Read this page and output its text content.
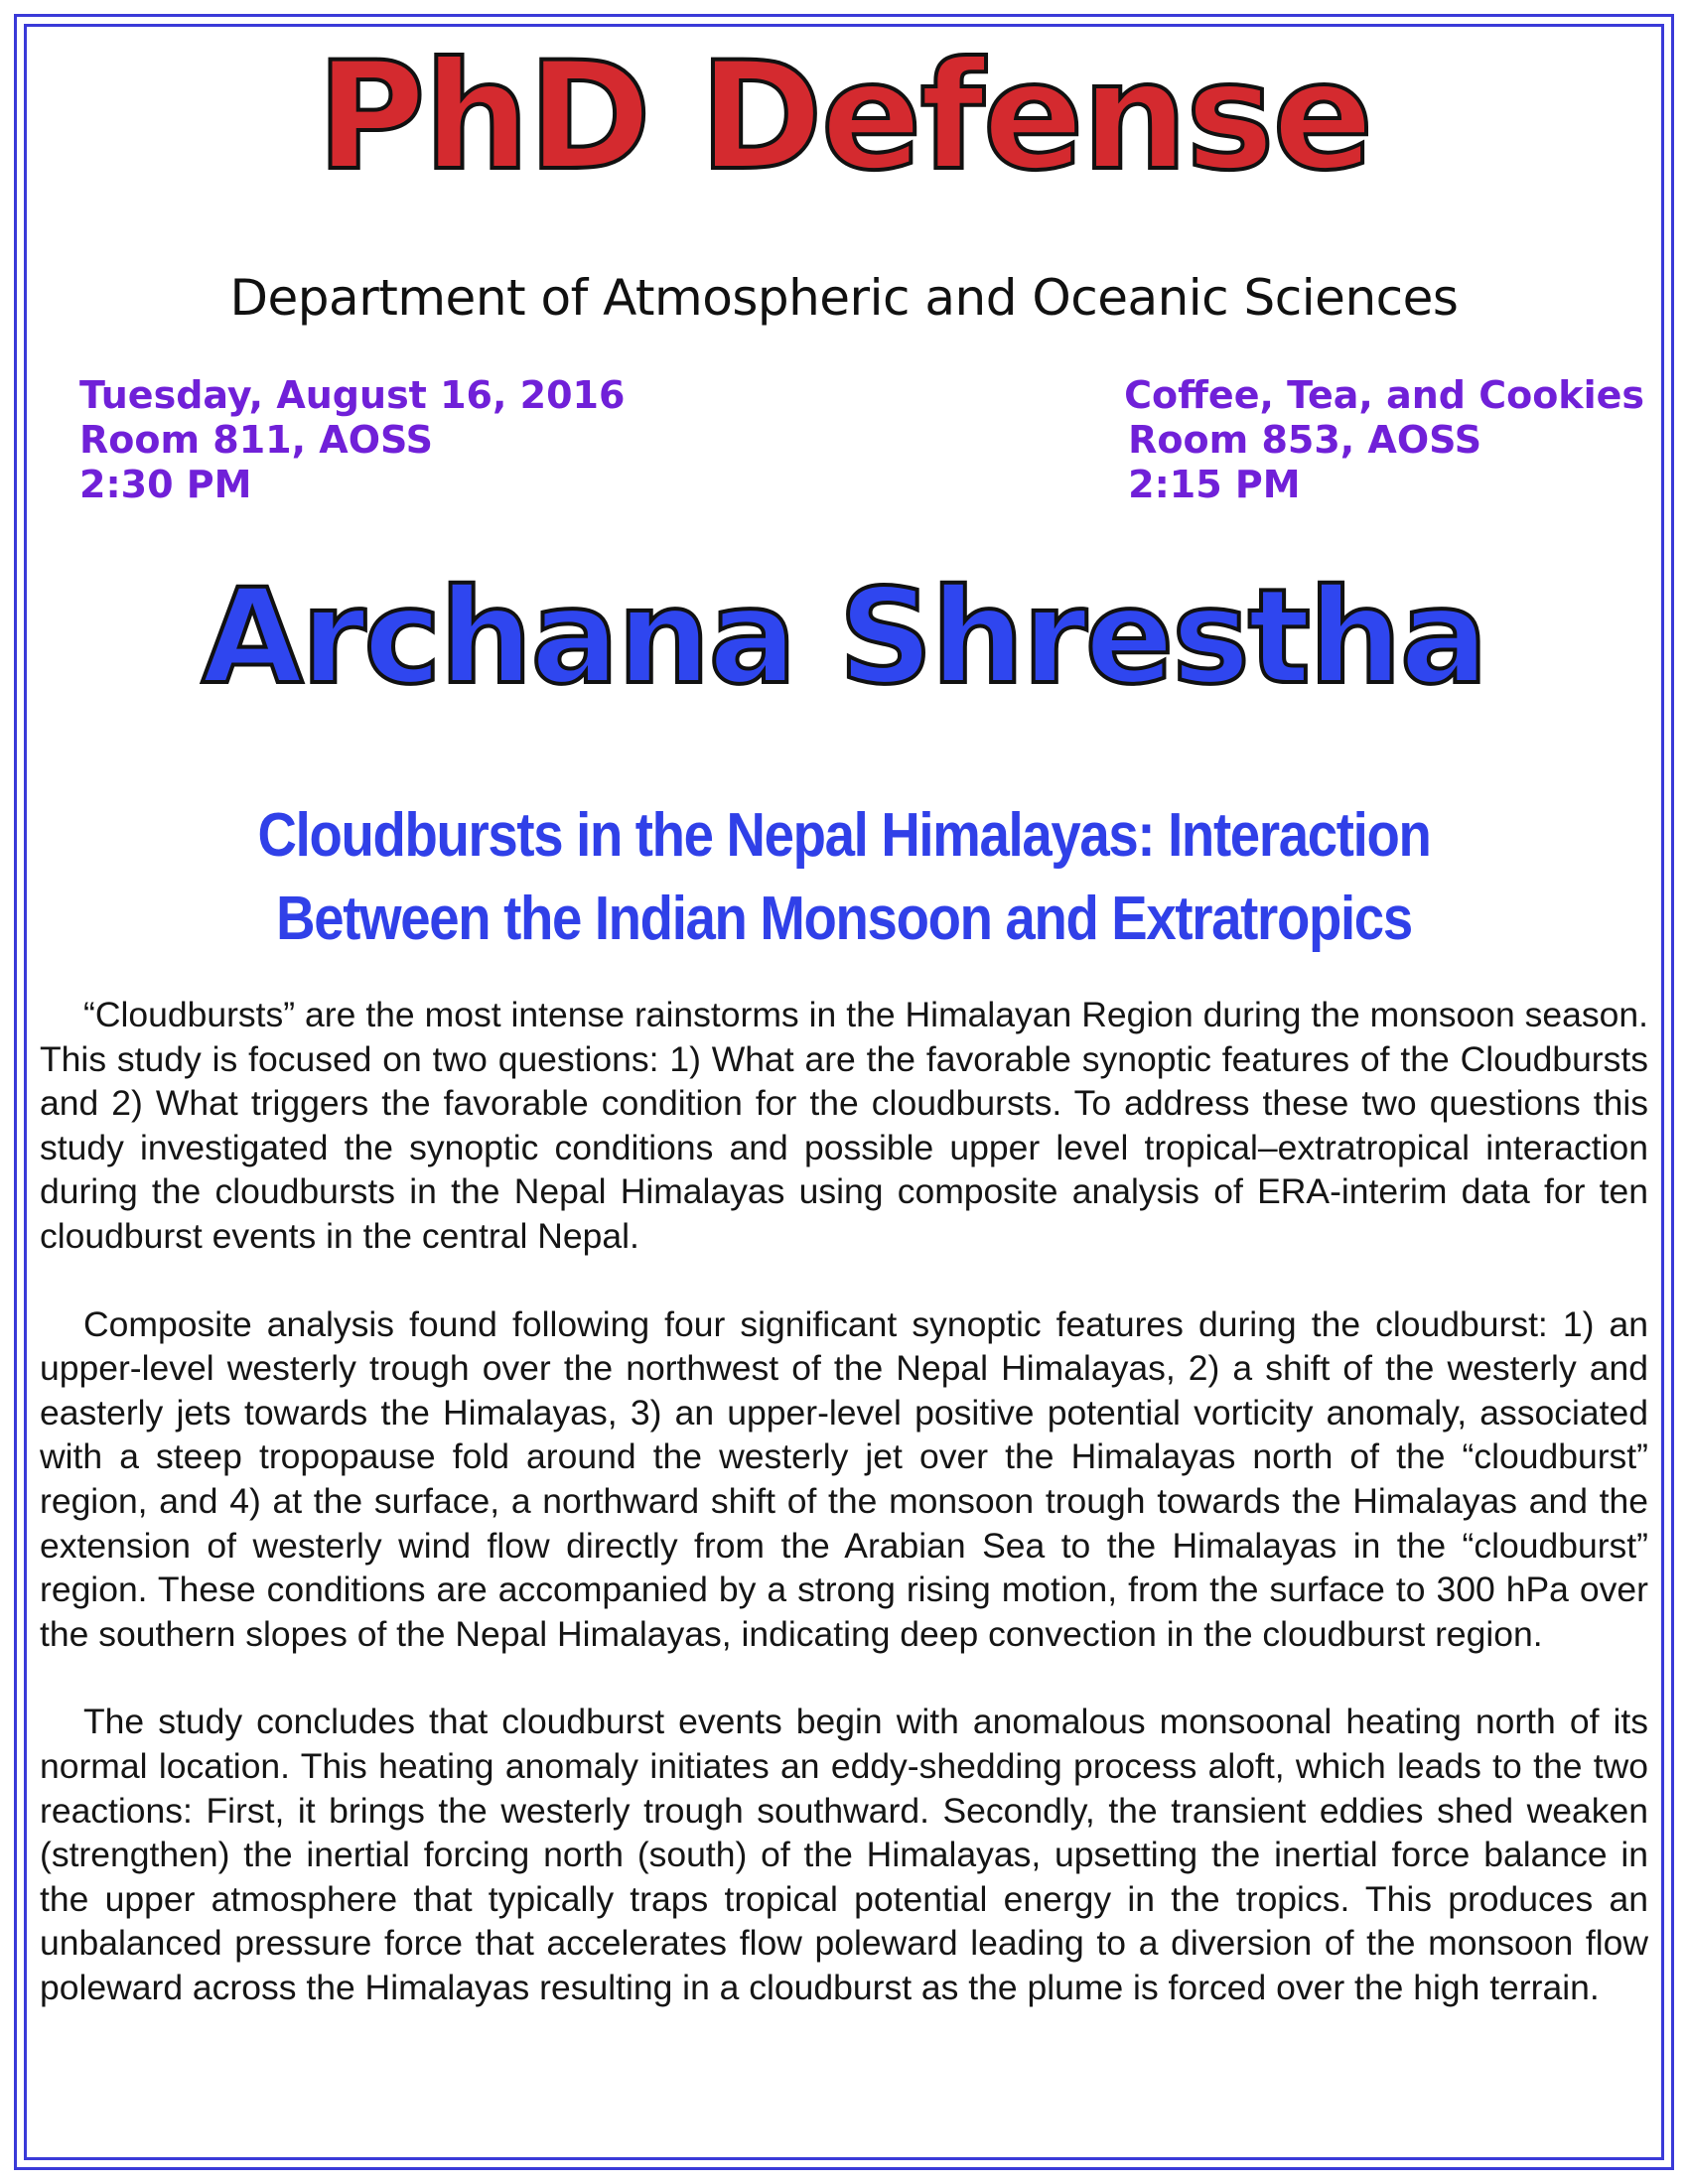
PhD Defense
Department of Atmospheric and Oceanic Sciences
Tuesday, August 16, 2016
Room 811, AOSS
2:30 PM
Coffee, Tea, and Cookies
Room 853, AOSS
2:15 PM
Archana Shrestha
Cloudbursts in the Nepal Himalayas: Interaction
Between the Indian Monsoon and Extratropics

“Cloudbursts” are the most intense rainstorms in the Himalayan Region during the monsoon season. This study is focused on two questions: 1) What are the favorable synoptic features of the Cloudbursts and 2) What triggers the favorable condition for the cloudbursts. To address these two questions this study investigated the synoptic conditions and possible upper level tropical–extratropical interaction during the cloudbursts in the Nepal Himalayas using composite analysis of ERA-interim data for ten cloudburst events in the central Nepal.

Composite analysis found following four significant synoptic features during the cloudburst: 1) an upper-level westerly trough over the northwest of the Nepal Himalayas, 2) a shift of the westerly and easterly jets towards the Himalayas, 3) an upper-level positive potential vorticity anomaly, associated with a steep tropopause fold around the westerly jet over the Himalayas north of the “cloudburst” region, and 4) at the surface, a northward shift of the monsoon trough towards the Himalayas and the extension of westerly wind flow directly from the Arabian Sea to the Himalayas in the “cloudburst” region. These conditions are accompanied by a strong rising motion, from the surface to 300 hPa over the southern slopes of the Nepal Himalayas, indicating deep convection in the cloudburst region.

The study concludes that cloudburst events begin with anomalous monsoonal heating north of its normal location. This heating anomaly initiates an eddy-shedding process aloft, which leads to the two reactions: First, it brings the westerly trough southward. Secondly, the transient eddies shed weaken (strengthen) the inertial forcing north (south) of the Himalayas, upsetting the inertial force balance in the upper atmosphere that typically traps tropical potential energy in the tropics. This produces an unbalanced pressure force that accelerates flow poleward leading to a diversion of the monsoon flow poleward across the Himalayas resulting in a cloudburst as the plume is forced over the high terrain.
